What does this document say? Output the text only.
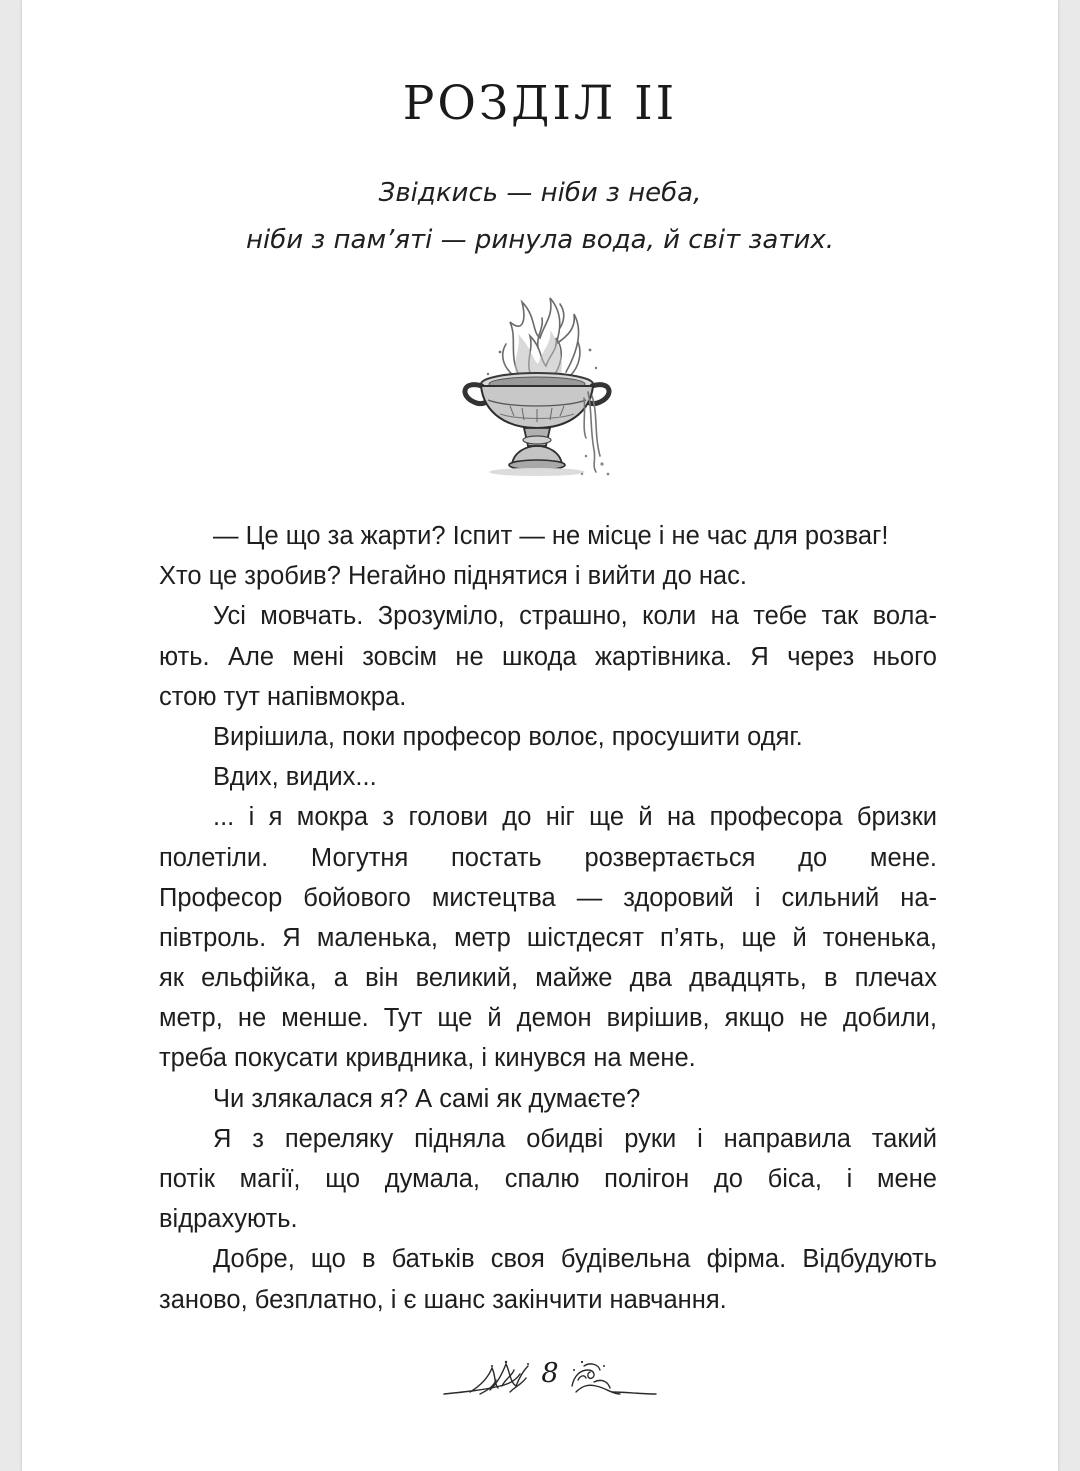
РОЗДІЛ ІІ
Звідкись — ніби з неба,
ніби з пам’яті — ринула вода, й світ затих.
— Це що за жарти? Іспит — не місце і не час для розваг!
Хто це зробив? Негайно піднятися і вийти до нас.
Усі мовчать. Зрозуміло, страшно, коли на тебе так вола-
ють. Але мені зовсім не шкода жартівника. Я через нього
стою тут напівмокра.
Вирішила, поки професор волоє, просушити одяг.
Вдих, видих...
... і я мокра з голови до ніг ще й на професора бризки
полетіли. Могутня постать розвертається до мене.
Професор бойового мистецтва — здоровий і сильний на-
півтроль. Я маленька, метр шістдесят п’ять, ще й тоненька,
як ельфійка, а він великий, майже два двадцять, в плечах
метр, не менше. Тут ще й демон вирішив, якщо не добили,
треба покусати кривдника, і кинувся на мене.
Чи злякалася я? А самі як думаєте?
Я з переляку підняла обидві руки і направила такий
потік магії, що думала, спалю полігон до біса, і мене
відрахують.
Добре, що в батьків своя будівельна фірма. Відбудують
заново, безплатно, і є шанс закінчити навчання.
8
